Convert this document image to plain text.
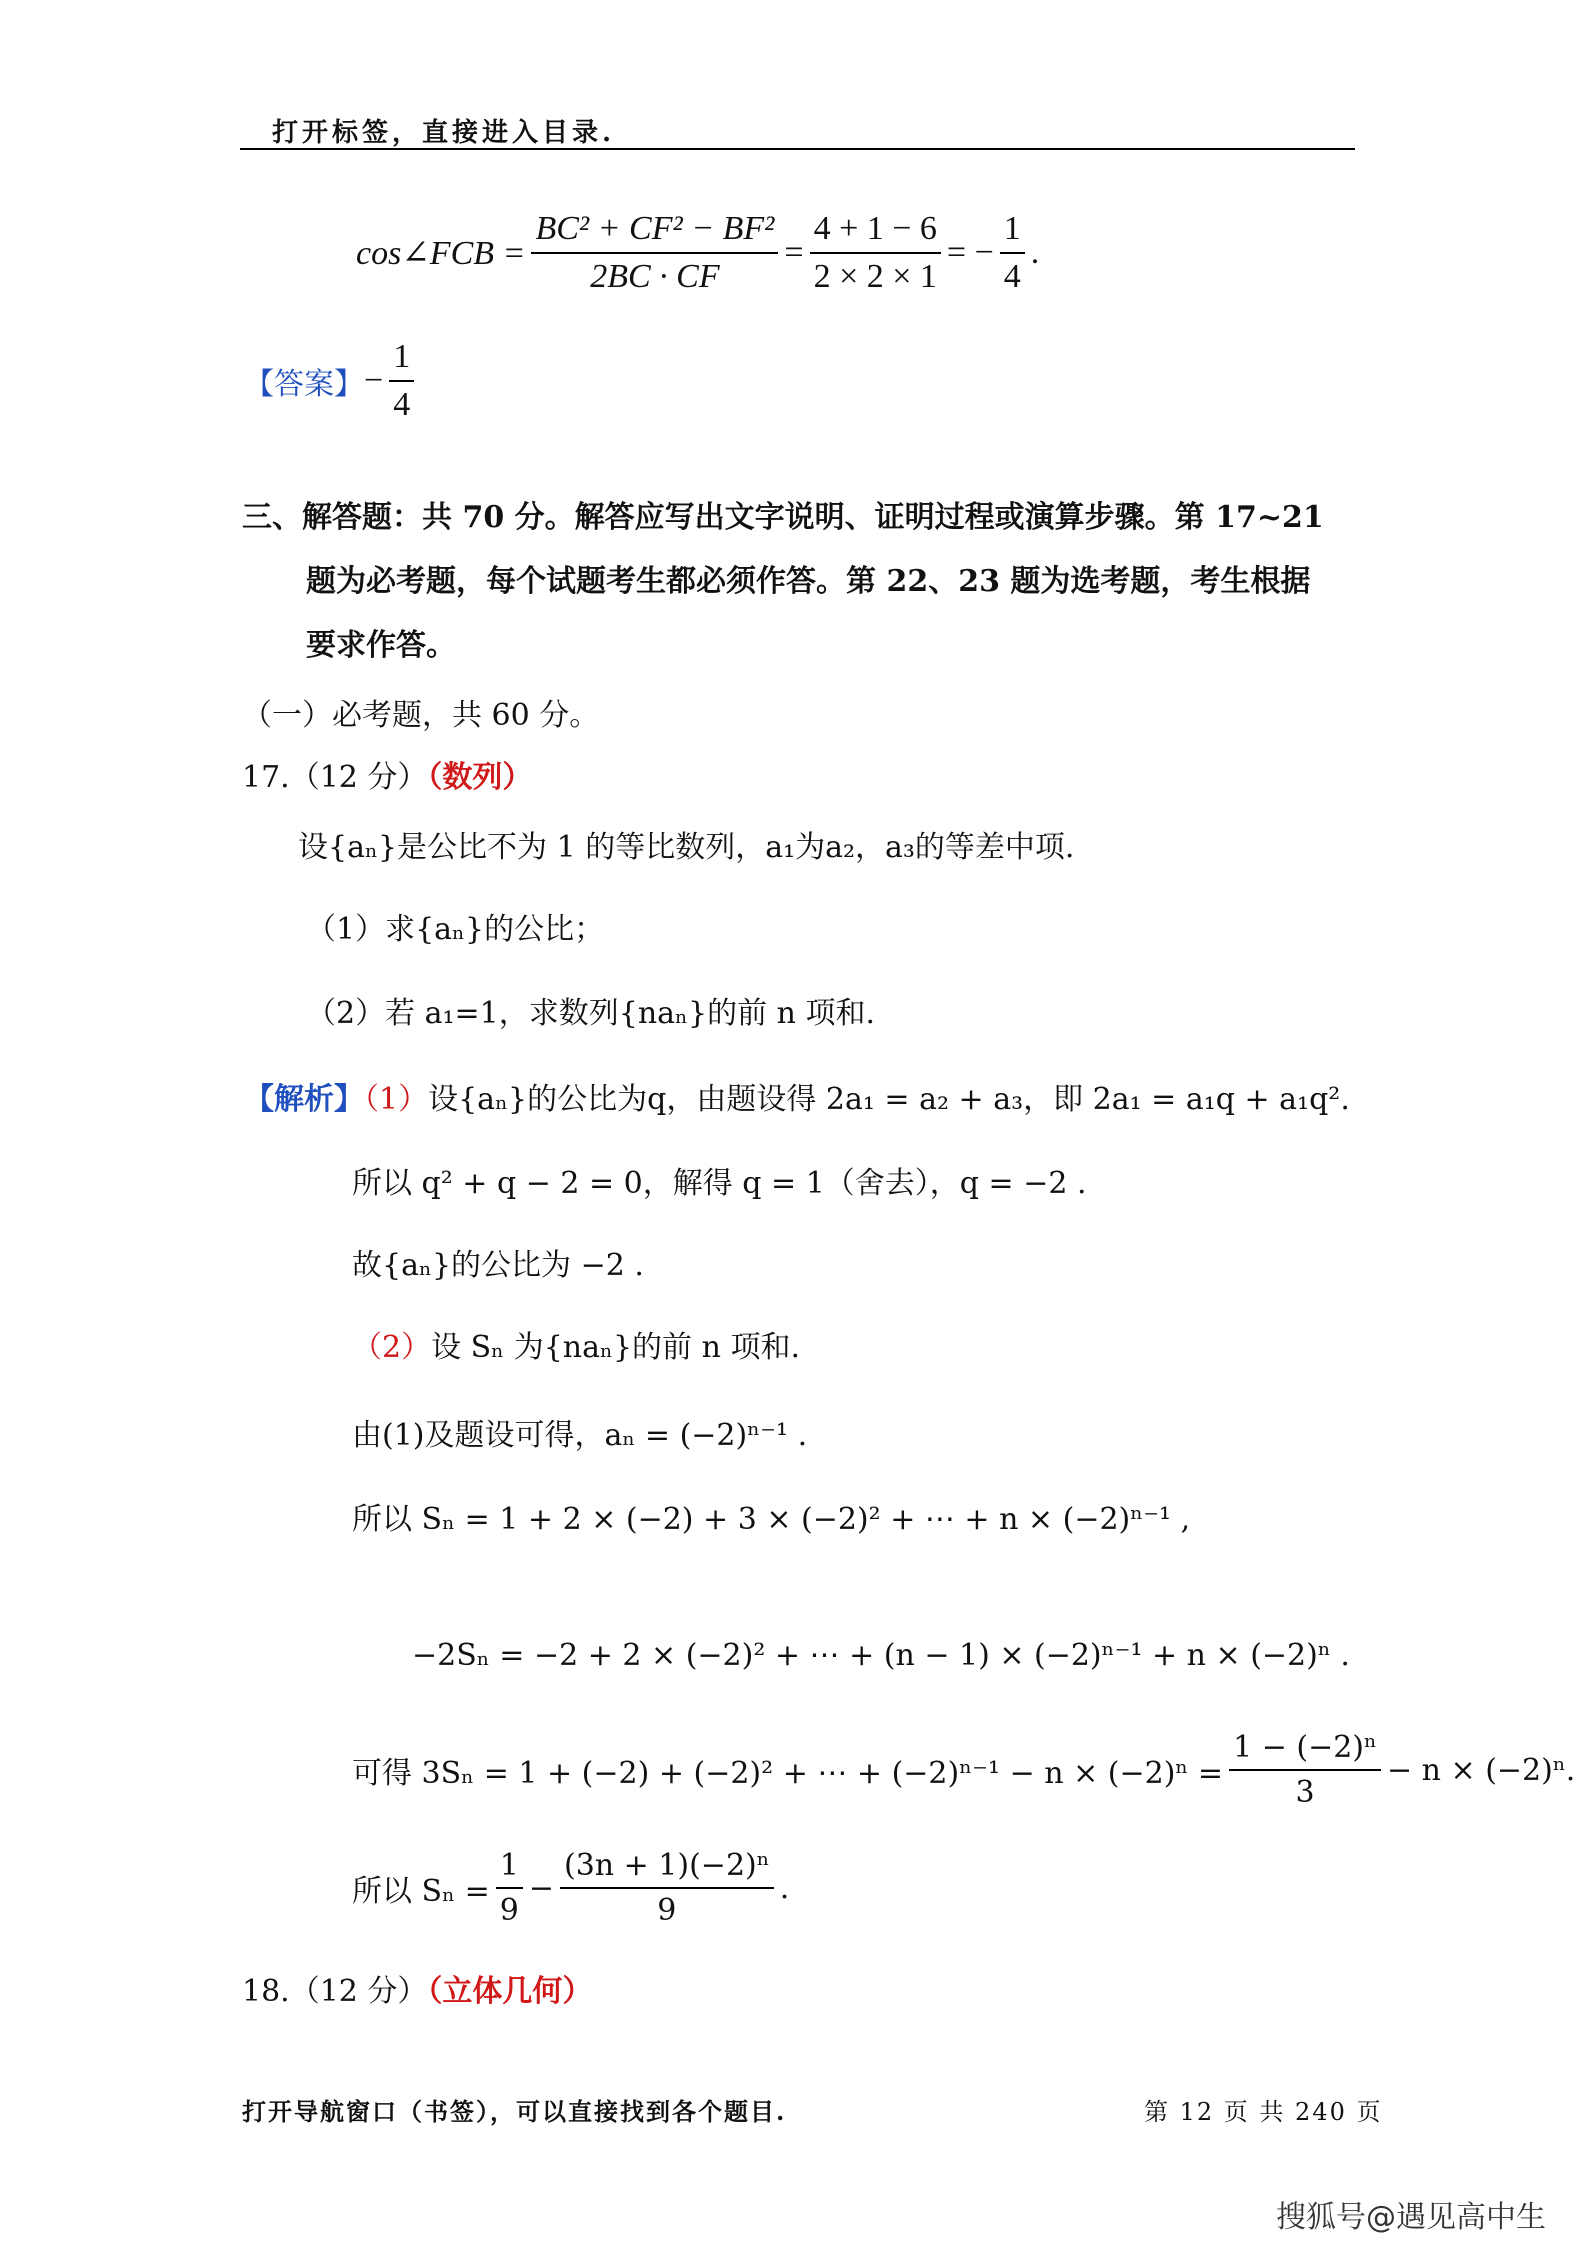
打开标签，直接进入目录.
cos∠FCB = $\frac{\text{BC² + CF² − BF²}}{2BC \cdot CF} = \frac{4 + 1 - 6}{2 \times 2 \times 1}$ = − $\frac{1}{4}$ .
【答案】 − $\frac{1}{4}$
三、解答题：共 70 分。解答应写出文字说明、证明过程或演算步骤。第 17~21
题为必考题，每个试题考生都必须作答。第 22、23 题为选考题，考生根据
要求作答。
（一）必考题，共 60 分。
17.（12 分）（数列）
设{aₙ}是公比不为 1 的等比数列，a₁为a₂，a₃的等差中项.
（1）求{aₙ}的公比；
（2）若 a₁=1，求数列{naₙ}的前 n 项和.
【解析】（1）设{aₙ}的公比为q，由题设得 2a₁ = a₂ + a₃，即 2a₁ = a₁q + a₁q².
所以 q² + q − 2 = 0，解得 q = 1（舍去），q = −2 .
故{aₙ}的公比为 −2 .
（2）设 Sₙ 为{naₙ}的前 n 项和.
由(1)及题设可得，aₙ = (−2)ⁿ⁻¹ .
所以 Sₙ = 1 + 2 × (−2) + 3 × (−2)² + ⋯ + n × (−2)ⁿ⁻¹ ,
−2Sₙ = −2 + 2 × (−2)² + ⋯ + (n − 1) × (−2)ⁿ⁻¹ + n × (−2)ⁿ .
可得 3Sₙ = 1 + (−2) + (−2)² + ⋯ + $(-2)^{n-1} - n \times (-2)^n = \frac{\text{1 − (−2)ⁿ}}{3} - n \times (-2)^n$.
所以 $S_n = \frac{1}{9} - \frac{\text{(3n + 1)(−2)ⁿ}}{9}$ .
18.（12 分）（立体几何）
打开导航窗口（书签），可以直接找到各个题目.	第 12 页 共 240 页
搜狐号@遇见高中生
